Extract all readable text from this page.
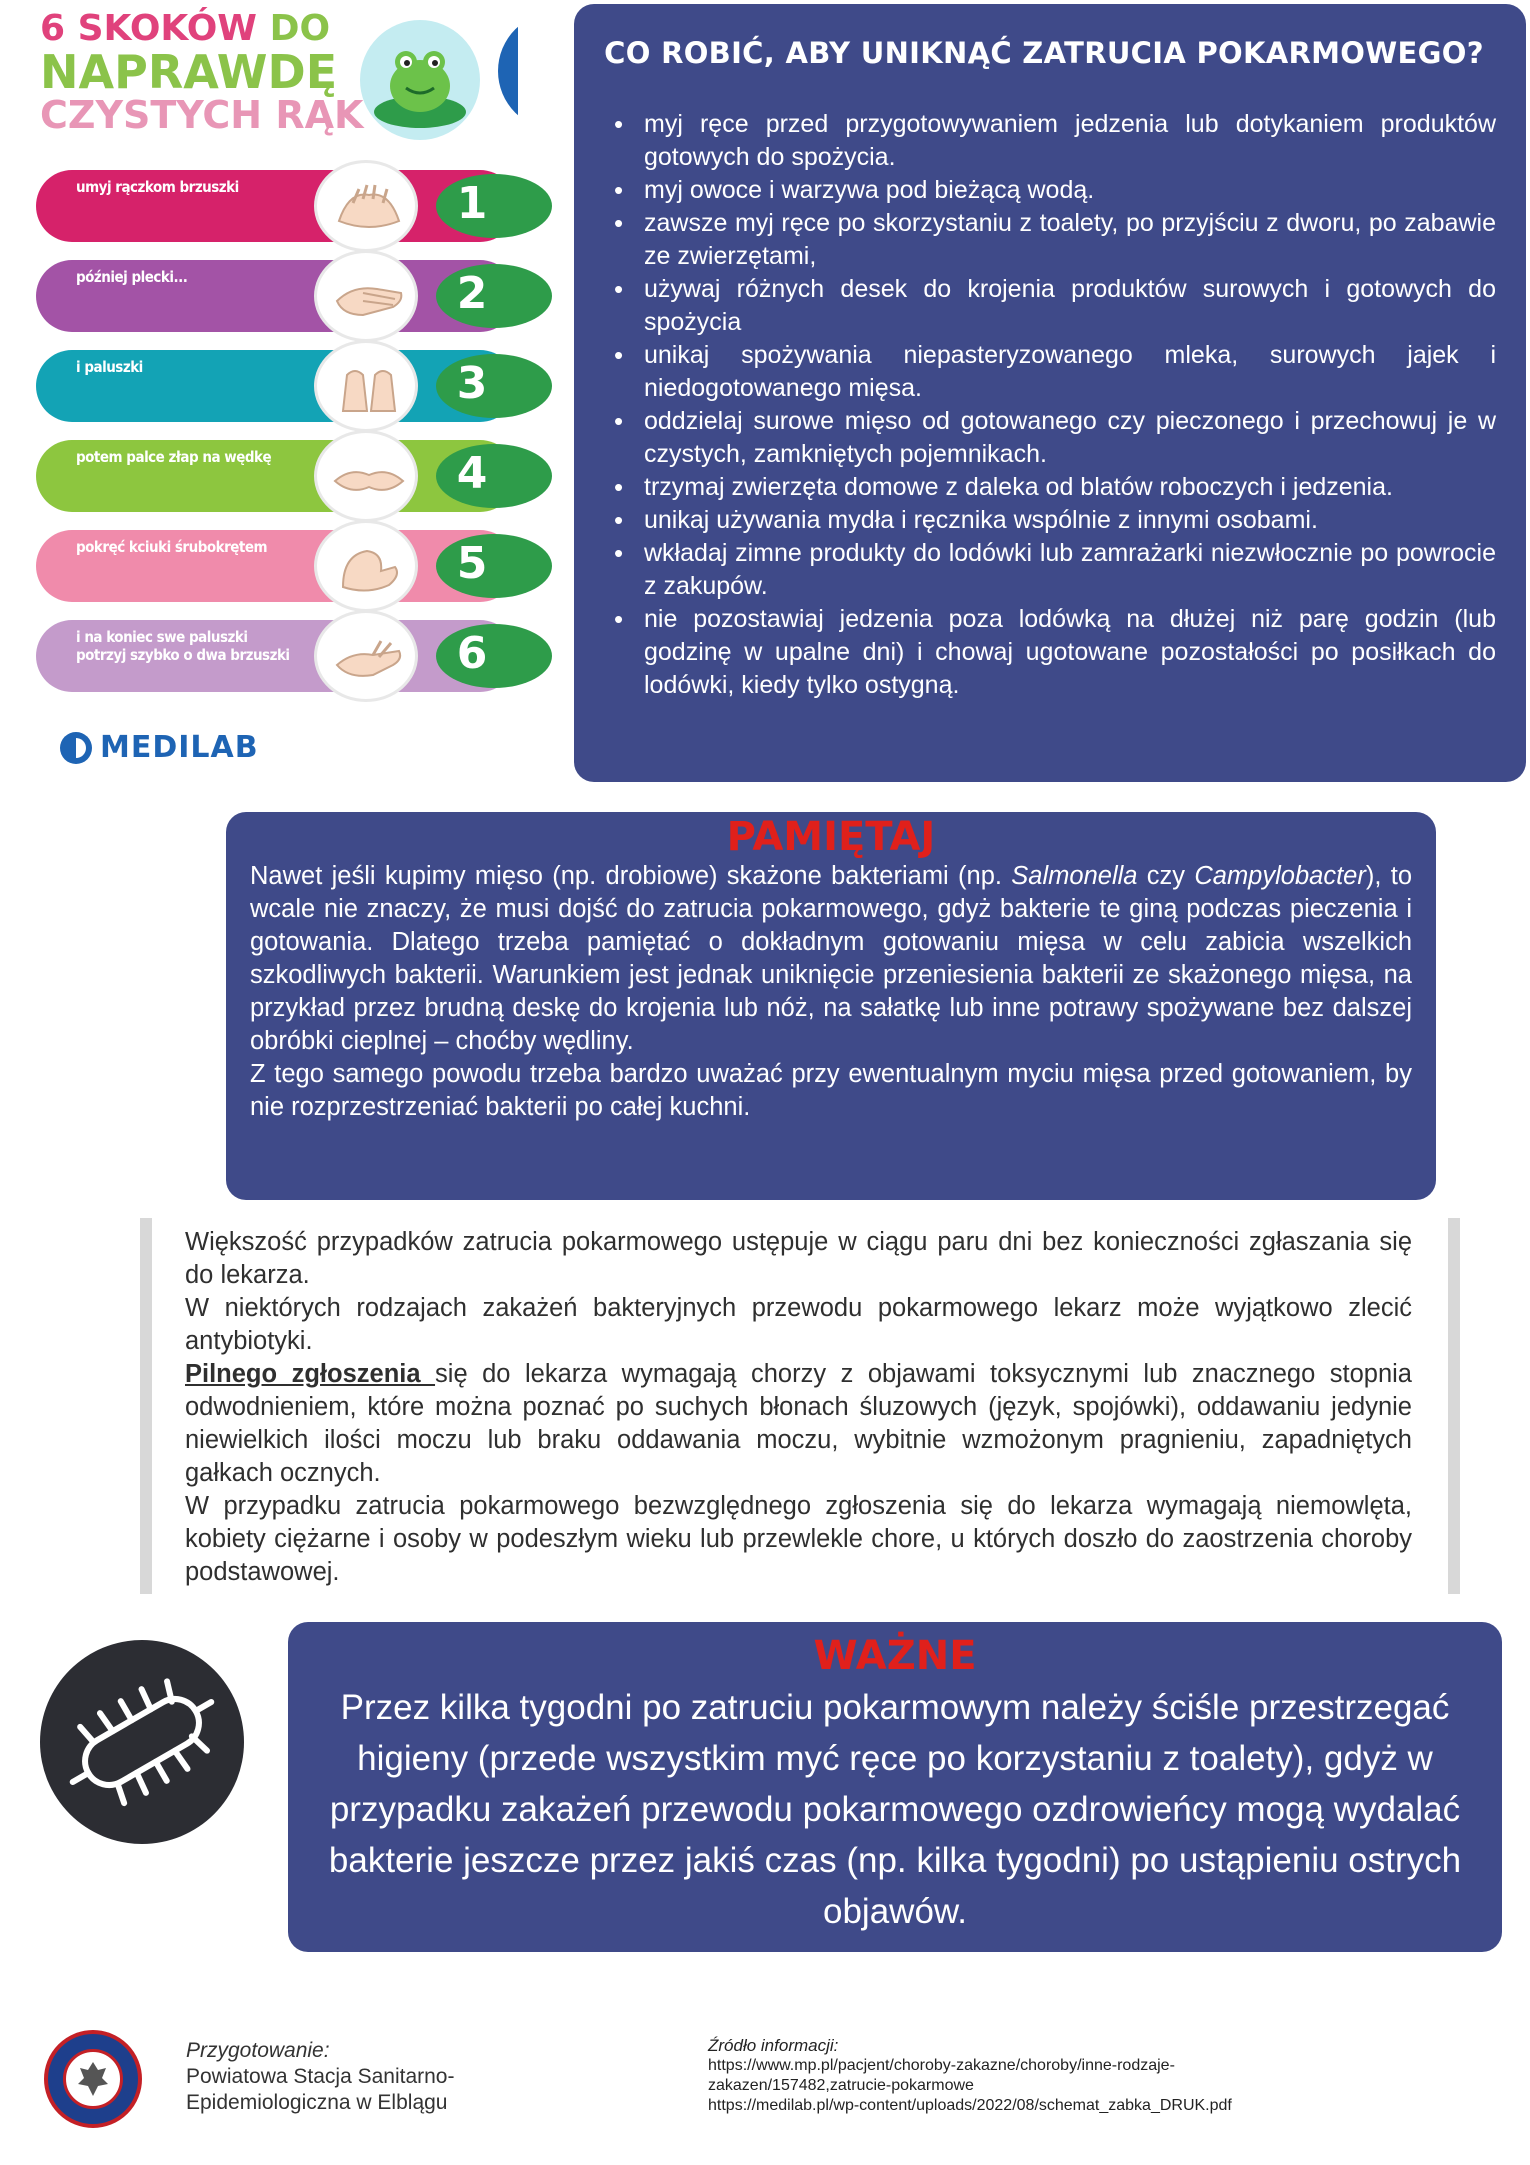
6 SKOKÓW DO
NAPRAWDĘ
CZYSTYCH RĄK
umyj rączkom brzuszki	1
później plecki...	2
i paluszki	3
potem palce złap na wędkę	4
pokręć kciuki śrubokrętem	5
i na koniec swe paluszki potrzyj szybko o dwa brzuszki	6
MEDILAB
CO ROBIĆ, ABY UNIKNĄĆ ZATRUCIA POKARMOWEGO?
• myj ręce przed przygotowywaniem jedzenia lub dotykaniem produktów gotowych do spożycia.
• myj owoce i warzywa pod bieżącą wodą.
• zawsze myj ręce po skorzystaniu z toalety, po przyjściu z dworu, po zabawie ze zwierzętami,
• używaj różnych desek do krojenia produktów surowych i gotowych do spożycia
• unikaj spożywania niepasteryzowanego mleka, surowych jajek i niedogotowanego mięsa.
• oddzielaj surowe mięso od gotowanego czy pieczonego i przechowuj je w czystych, zamkniętych pojemnikach.
• trzymaj zwierzęta domowe z daleka od blatów roboczych i jedzenia.
• unikaj używania mydła i ręcznika wspólnie z innymi osobami.
• wkładaj zimne produkty do lodówki lub zamrażarki niezwłocznie po powrocie z zakupów.
• nie pozostawiaj jedzenia poza lodówką na dłużej niż parę godzin (lub godzinę w upalne dni) i chowaj ugotowane pozostałości po posiłkach do lodówki, kiedy tylko ostygną.
PAMIĘTAJ

Nawet jeśli kupimy mięso (np. drobiowe) skażone bakteriami (np. Salmonella czy Campylobacter), to wcale nie znaczy, że musi dojść do zatrucia pokarmowego, gdyż bakterie te giną podczas pieczenia i gotowania. Dlatego trzeba pamiętać o dokładnym gotowaniu mięsa w celu zabicia wszelkich szkodliwych bakterii. Warunkiem jest jednak uniknięcie przeniesienia bakterii ze skażonego mięsa, na przykład przez brudną deskę do krojenia lub nóż, na sałatkę lub inne potrawy spożywane bez dalszej obróbki cieplnej – choćby wędliny.

Z tego samego powodu trzeba bardzo uważać przy ewentualnym myciu mięsa przed gotowaniem, by nie rozprzestrzeniać bakterii po całej kuchni.

Większość przypadków zatrucia pokarmowego ustępuje w ciągu paru dni bez konieczności zgłaszania się do lekarza.

W niektórych rodzajach zakażeń bakteryjnych przewodu pokarmowego lekarz może wyjątkowo zlecić antybiotyki.

Pilnego zgłoszenia się do lekarza wymagają chorzy z objawami toksycznymi lub znacznego stopnia odwodnieniem, które można poznać po suchych błonach śluzowych (język, spojówki), oddawaniu jedynie niewielkich ilości moczu lub braku oddawania moczu, wybitnie wzmożonym pragnieniu, zapadniętych gałkach ocznych.

W przypadku zatrucia pokarmowego bezwzględnego zgłoszenia się do lekarza wymagają niemowlęta, kobiety ciężarne i osoby w podeszłym wieku lub przewlekle chore, u których doszło do zaostrzenia choroby podstawowej.

WAŻNE

Przez kilka tygodni po zatruciu pokarmowym należy ściśle przestrzegać higieny (przede wszystkim myć ręce po korzystaniu z toalety), gdyż w przypadku zakażeń przewodu pokarmowego ozdrowieńcy mogą wydalać bakterie jeszcze przez jakiś czas (np. kilka tygodni) po ustąpieniu ostrych objawów.

Przygotowanie:
Powiatowa Stacja Sanitarno-
Epidemiologiczna w Elblągu
Źródło informacji:
https://www.mp.pl/pacjent/choroby-zakazne/choroby/inne-rodzaje-
zakazen/157482,zatrucie-pokarmowe
https://medilab.pl/wp-content/uploads/2022/08/schemat_zabka_DRUK.pdf
